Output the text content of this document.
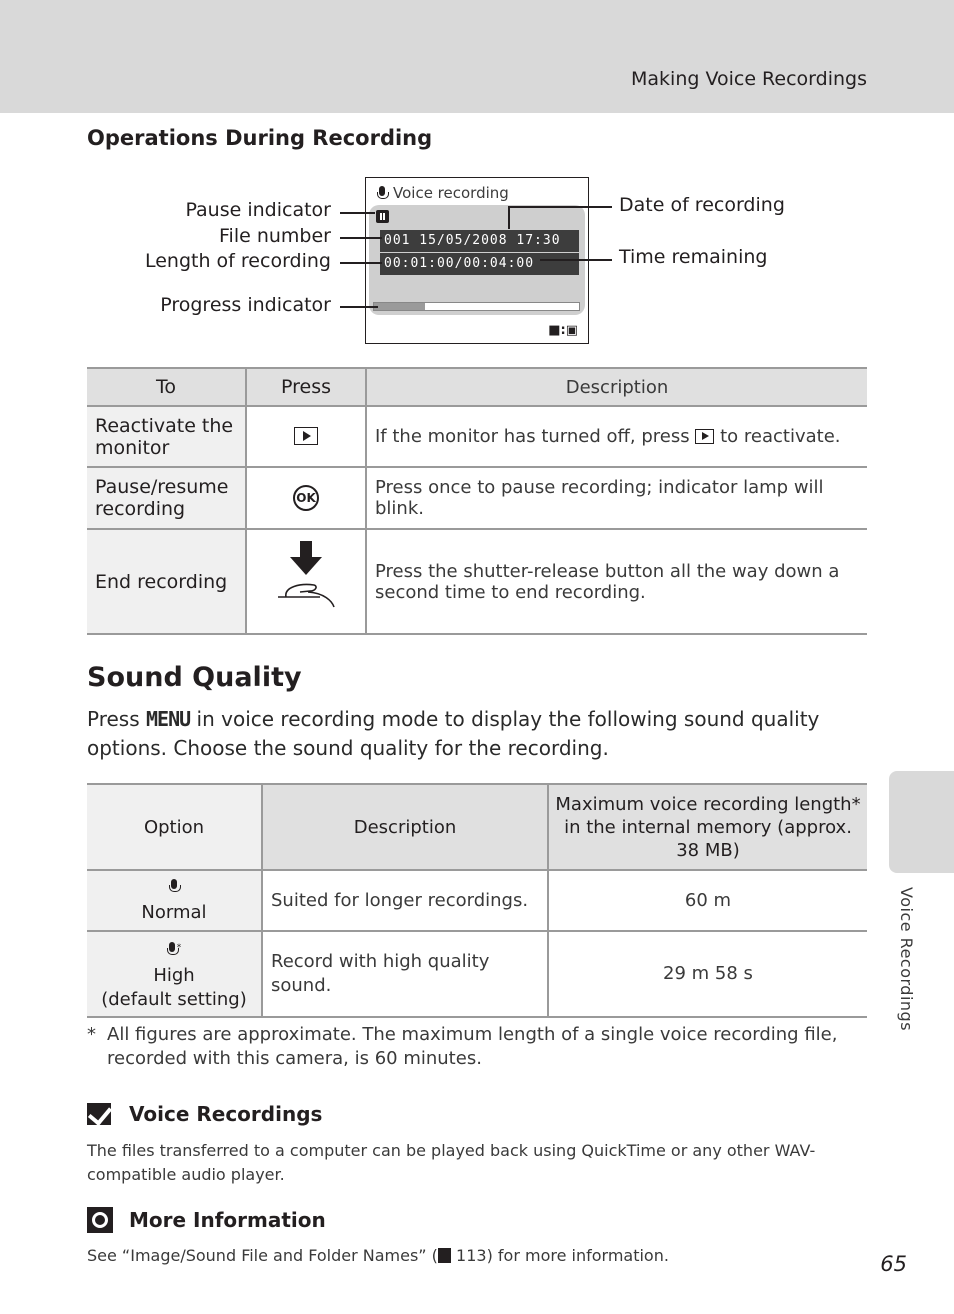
Making Voice Recordings
Operations During Recording
Voice recording
001 15/05/2008 17:30
00:01:00/00:04:00
■:▣
Pause indicator
File number
Length of recording
Progress indicator
Date of recording
Time remaining
To	Press	Description
Reactivate the monitor		If the monitor has turned off, press to reactivate.
Pause/resume recording	OK	Press once to pause recording; indicator lamp will blink.
End recording		Press the shutter-release button all the way down a second time to end recording.
Sound Quality
Press MENU in voice recording mode to display the following sound quality options. Choose the sound quality for the recording.
Option	Description	Maximum voice recording length* in the internal memory (approx. 38 MB)

Normal	Suited for longer recordings.	60 m
*
High
(default setting)	Record with high quality sound.	29 m 58 s
* All figures are approximate. The maximum length of a single voice recording file, recorded with this camera, is 60 minutes.
Voice Recordings
The files transferred to a computer can be played back using QuickTime or any other WAV-compatible audio player.
More Information
See “Image/Sound File and Folder Names” ( 113) for more information.
Voice Recordings
65
